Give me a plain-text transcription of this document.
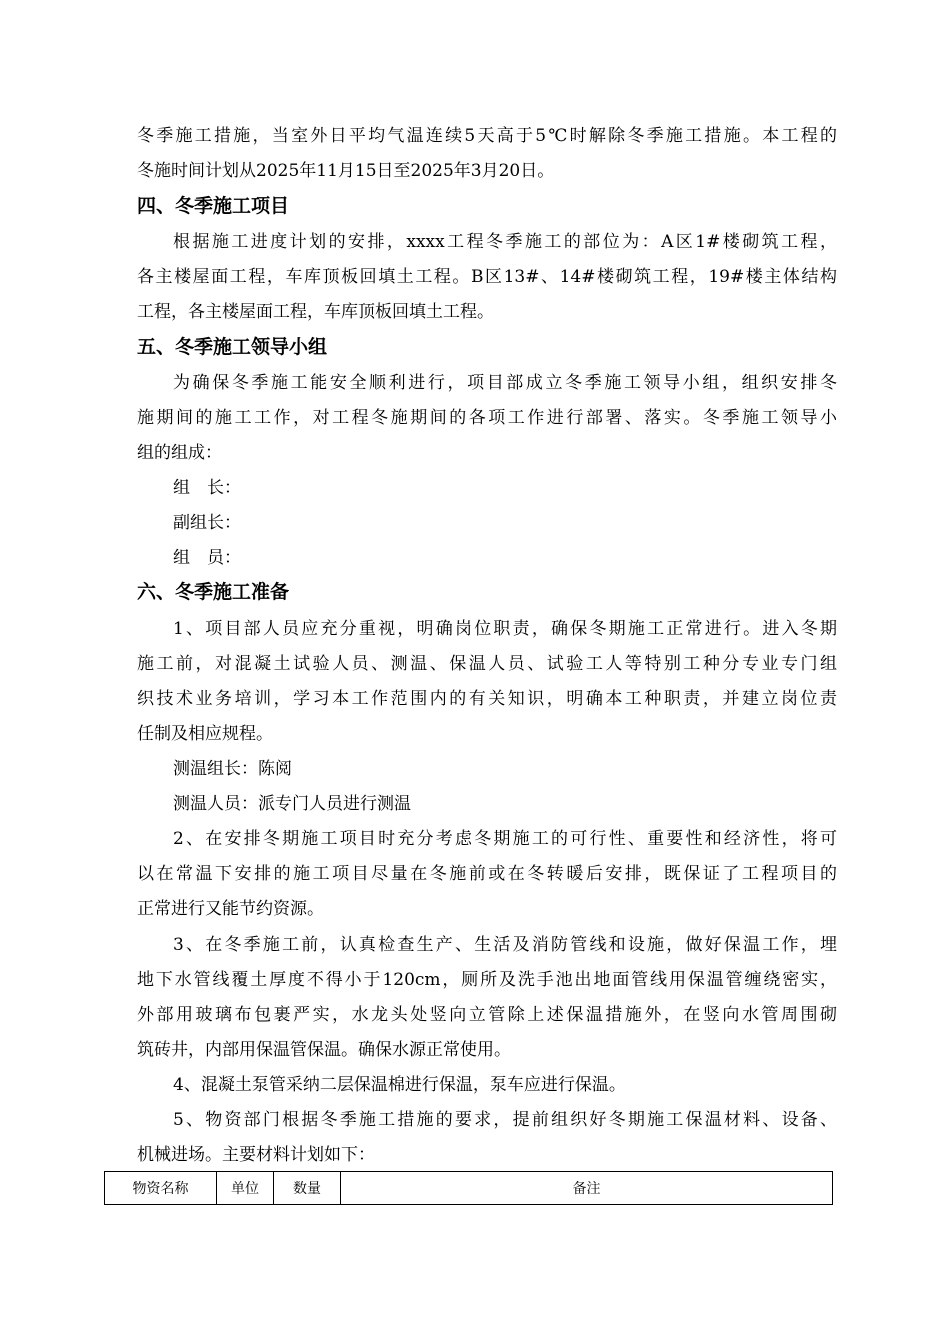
冬季施工措施，当室外日平均气温连续5天高于5℃时解除冬季施工措施。本工程的
冬施时间计划从2025年11月15日至2025年3月20日。
四、冬季施工项目
根据施工进度计划的安排，xxxx工程冬季施工的部位为：A区1#楼砌筑工程，
各主楼屋面工程，车库顶板回填土工程。B区13#、14#楼砌筑工程，19#楼主体结构
工程，各主楼屋面工程，车库顶板回填土工程。
五、冬季施工领导小组
为确保冬季施工能安全顺利进行，项目部成立冬季施工领导小组，组织安排冬
施期间的施工工作，对工程冬施期间的各项工作进行部署、落实。冬季施工领导小
组的组成：
组　长：
副组长：
组　员：
六、冬季施工准备
1、项目部人员应充分重视，明确岗位职责，确保冬期施工正常进行。进入冬期
施工前，对混凝土试验人员、测温、保温人员、试验工人等特别工种分专业专门组
织技术业务培训，学习本工作范围内的有关知识，明确本工种职责，并建立岗位责
任制及相应规程。
测温组长：陈阅
测温人员：派专门人员进行测温
2、在安排冬期施工项目时充分考虑冬期施工的可行性、重要性和经济性，将可
以在常温下安排的施工项目尽量在冬施前或在冬转暖后安排，既保证了工程项目的
正常进行又能节约资源。
3、在冬季施工前，认真检查生产、生活及消防管线和设施，做好保温工作，埋
地下水管线覆土厚度不得小于120cm，厕所及洗手池出地面管线用保温管缠绕密实，
外部用玻璃布包裹严实，水龙头处竖向立管除上述保温措施外，在竖向水管周围砌
筑砖井，内部用保温管保温。确保水源正常使用。
4、混凝土泵管采纳二层保温棉进行保温，泵车应进行保温。
5、物资部门根据冬季施工措施的要求，提前组织好冬期施工保温材料、设备、
机械进场。主要材料计划如下：
物资名称	单位	数量	备注
